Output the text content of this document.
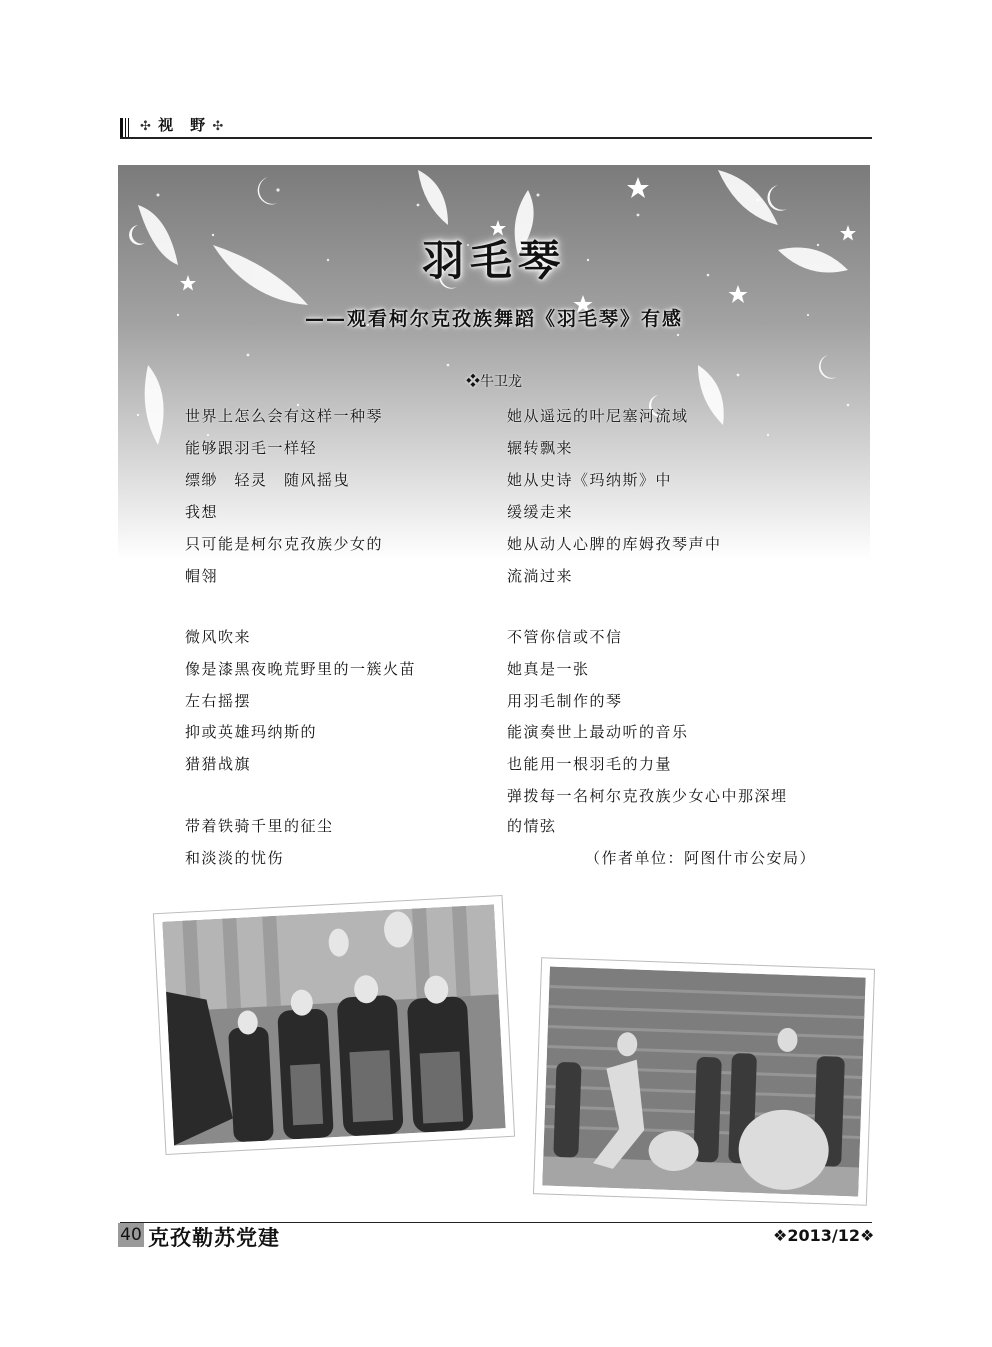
✣ 视　野 ✣
羽毛琴
——观看柯尔克孜族舞蹈《羽毛琴》有感
❖牛卫龙
世界上怎么会有这样一种琴
能够跟羽毛一样轻
缥缈　轻灵　随风摇曳
我想
只可能是柯尔克孜族少女的
帽翎
微风吹来
像是漆黑夜晚荒野里的一簇火苗
左右摇摆
抑或英雄玛纳斯的
猎猎战旗
带着铁骑千里的征尘
和淡淡的忧伤
她从遥远的叶尼塞河流域
辗转飘来
她从史诗《玛纳斯》中
缓缓走来
她从动人心脾的库姆孜琴声中
流淌过来
不管你信或不信
她真是一张
用羽毛制作的琴
能演奏世上最动听的音乐
也能用一根羽毛的力量
弹拨每一名柯尔克孜族少女心中那深埋
的情弦
（作者单位：阿图什市公安局）
40 克孜勒苏党建	❖2013/12❖
